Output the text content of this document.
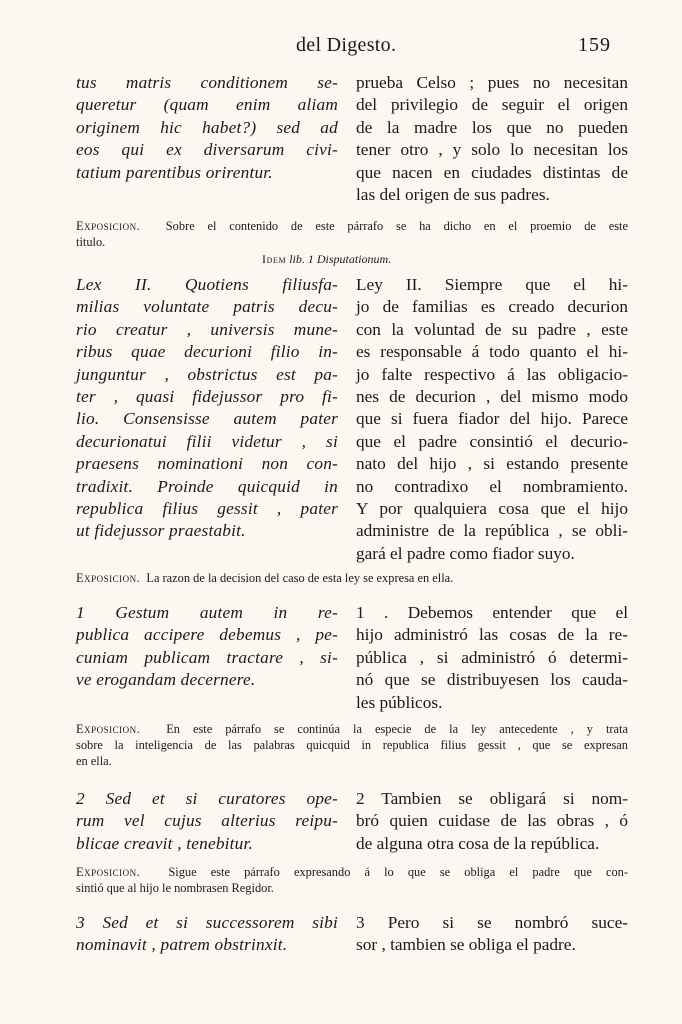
del Digesto.	159
tus matris conditionem se-
queretur (quam enim aliam
originem hic habet?) sed ad
eos qui ex diversarum civi-
tatium parentibus orirentur.
prueba Celso ; pues no necesitan
del privilegio de seguir el origen
de la madre los que no pueden
tener otro , y solo lo necesitan los
que nacen en ciudades distintas de
las del origen de sus padres.
Exposicion. Sobre el contenido de este párrafo se ha dicho en el proemio de este
titulo.
Idem lib. 1 Disputationum.
Lex II. Quotiens filiusfa-
milias voluntate patris decu-
rio creatur , universis mune-
ribus quae decurioni filio in-
junguntur , obstrictus est pa-
ter , quasi fidejussor pro fi-
lio. Consensisse autem pater
decurionatui filii videtur , si
praesens nominationi non con-
tradixit. Proinde quicquid in
republica filius gessit , pater
ut fidejussor praestabit.
Ley II. Siempre que el hi-
jo de familias es creado decurion
con la voluntad de su padre , este
es responsable á todo quanto el hi-
jo falte respectivo á las obligacio-
nes de decurion , del mismo modo
que si fuera fiador del hijo. Parece
que el padre consintió el decurio-
nato del hijo , si estando presente
no contradixo el nombramiento.
Y por qualquiera cosa que el hijo
administre de la república , se obli-
gará el padre como fiador suyo.
Exposicion. La razon de la decision del caso de esta ley se expresa en ella.
1 Gestum autem in re-
publica accipere debemus , pe-
cuniam publicam tractare , si-
ve erogandam decernere.
1 . Debemos entender que el
hijo administró las cosas de la re-
pública , si administró ó determi-
nó que se distribuyesen los cauda-
les públicos.
Exposicion. En este párrafo se continúa la especie de la ley antecedente , y trata
sobre la inteligencia de las palabras quicquid in republica filius gessit , que se expresan
en ella.
2 Sed et si curatores ope-
rum vel cujus alterius reipu-
blicae creavit , tenebitur.
2 Tambien se obligará si nom-
bró quien cuidase de las obras , ó
de alguna otra cosa de la república.
Exposicion. Sigue este párrafo expresando á lo que se obliga el padre que con-
sintió que al hijo le nombrasen Regidor.
3 Sed et si successorem sibi
nominavit , patrem obstrinxit.
3 Pero si se nombró suce-
sor , tambien se obliga el padre.
